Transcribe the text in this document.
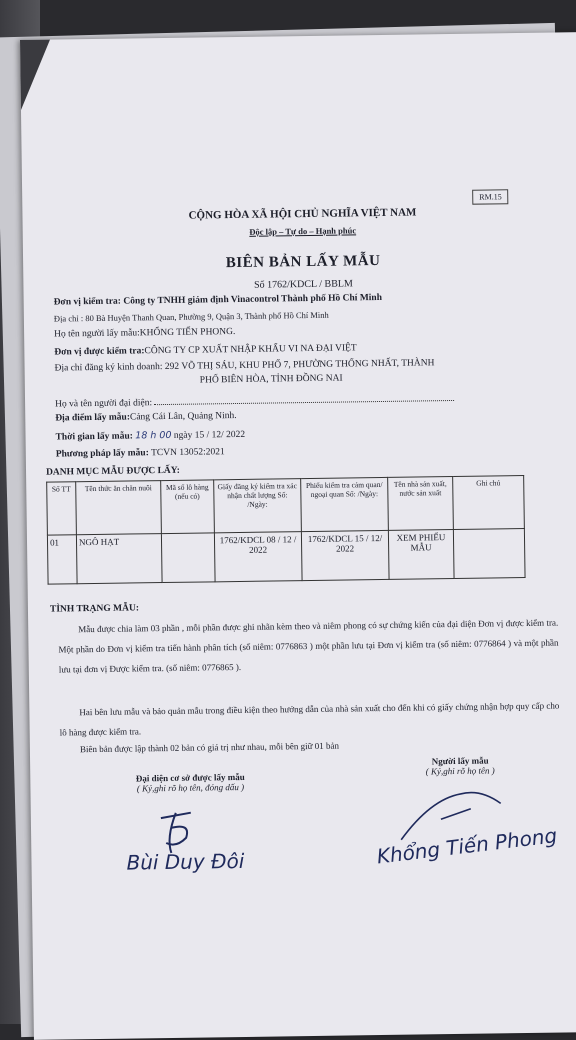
RM.15
CỘNG HÒA XÃ HỘI CHỦ NGHĨA VIỆT NAM
Độc lập – Tự do – Hạnh phúc
BIÊN BẢN LẤY MẪU
Số 1762/KDCL / BBLM
Đơn vị kiểm tra: Công ty TNHH giám định Vinacontrol Thành phố Hồ Chí Minh
Địa chỉ : 80 Bà Huyện Thanh Quan, Phường 9, Quận 3, Thành phố Hồ Chí Minh
Họ tên người lấy mẫu:KHỔNG TIẾN PHONG.
Đơn vị được kiểm tra:CÔNG TY CP XUẤT NHẬP KHẨU VI NA ĐẠI VIỆT
Địa chỉ đăng ký kinh doanh: 292 VÕ THỊ SÁU, KHU PHỐ 7, PHƯỜNG THỐNG NHẤT, THÀNH
PHỐ BIÊN HÒA, TỈNH ĐỒNG NAI
Họ và tên người đại diện:
Địa điểm lấy mẫu:Cảng Cái Lân, Quảng Ninh.
Thời gian lấy mẫu: 18 h 00 ngày 15 / 12/ 2022
Phương pháp lấy mẫu: TCVN 13052:2021
DANH MỤC MẪU ĐƯỢC LẤY:
Số TT	Tên thức ăn chăn nuôi	Mã số lô hàng (nếu có)	Giấy đăng ký kiểm tra xác nhận chất lượng Số: /Ngày:	Phiếu kiểm tra cảm quan/ ngoại quan Số: /Ngày:	Tên nhà sản xuất, nước sản xuất	Ghi chú
01	NGÔ HẠT		1762/KDCL 08 / 12 / 2022	1762/KDCL 15 / 12/ 2022	XEM PHIẾU MẪU	
TÌNH TRẠNG MẪU:
Mẫu được chia làm 03 phần , mỗi phần được ghi nhãn kèm theo và niêm phong có sự chứng kiến của đại diện Đơn vị được kiểm tra. Một phần do Đơn vị kiểm tra tiến hành phân tích (số niêm: 0776863 ) một phần lưu tại Đơn vị kiểm tra (số niêm: 0776864 ) và một phần lưu tại đơn vị Được kiểm tra. (số niêm: 0776865 ).
Hai bên lưu mẫu và bảo quản mẫu trong điều kiện theo hướng dẫn của nhà sản xuất cho đến khi có giấy chứng nhận hợp quy cấp cho lô hàng được kiểm tra.
Biên bản được lập thành 02 bản có giá trị như nhau, mỗi bên giữ 01 bản
Đại diện cơ sở được lấy mẫu
( Ký,ghi rõ họ tên, đóng dấu )
Người lấy mẫu
( Ký,ghi rõ họ tên )
Bùi Duy Đôi	Khổng Tiến Phong
